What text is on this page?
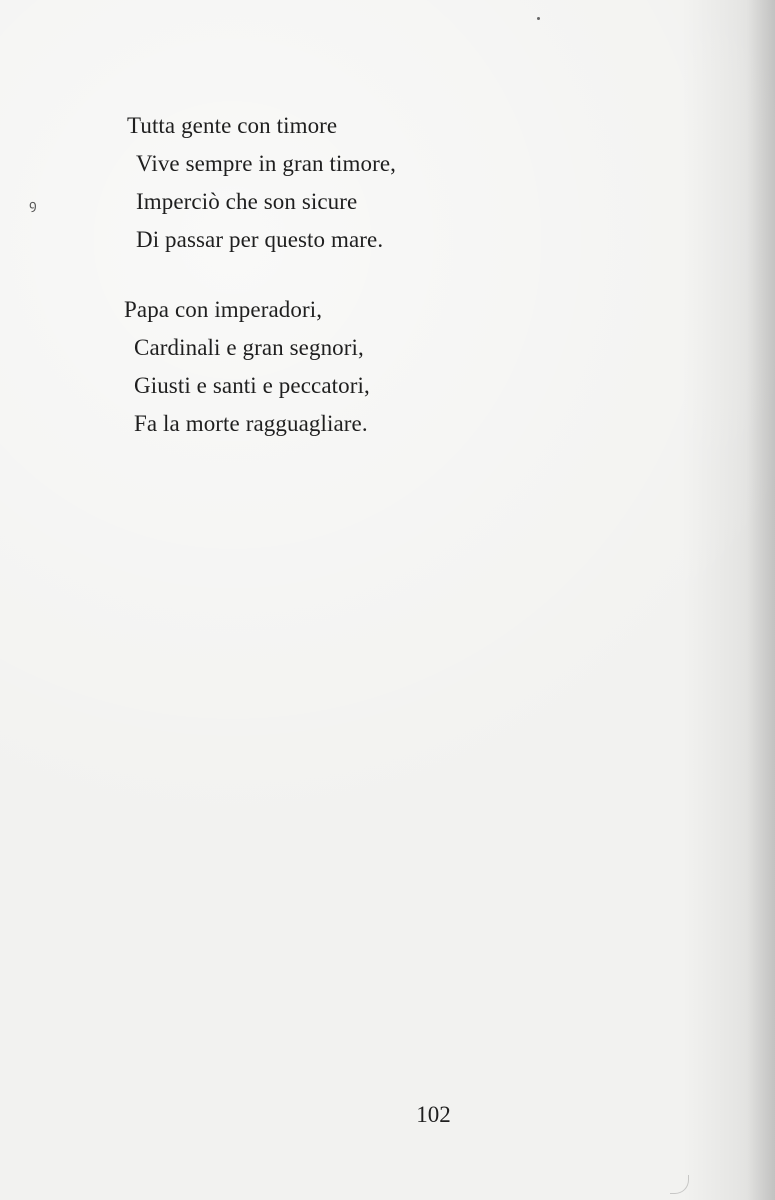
ꝯ
Tutta gente con timore
Vive sempre in gran timore,
Imperciò che son sicure
Di passar per questo mare.
Papa con imperadori,
Cardinali e gran segnori,
Giusti e santi e peccatori,
Fa la morte ragguagliare.
102
